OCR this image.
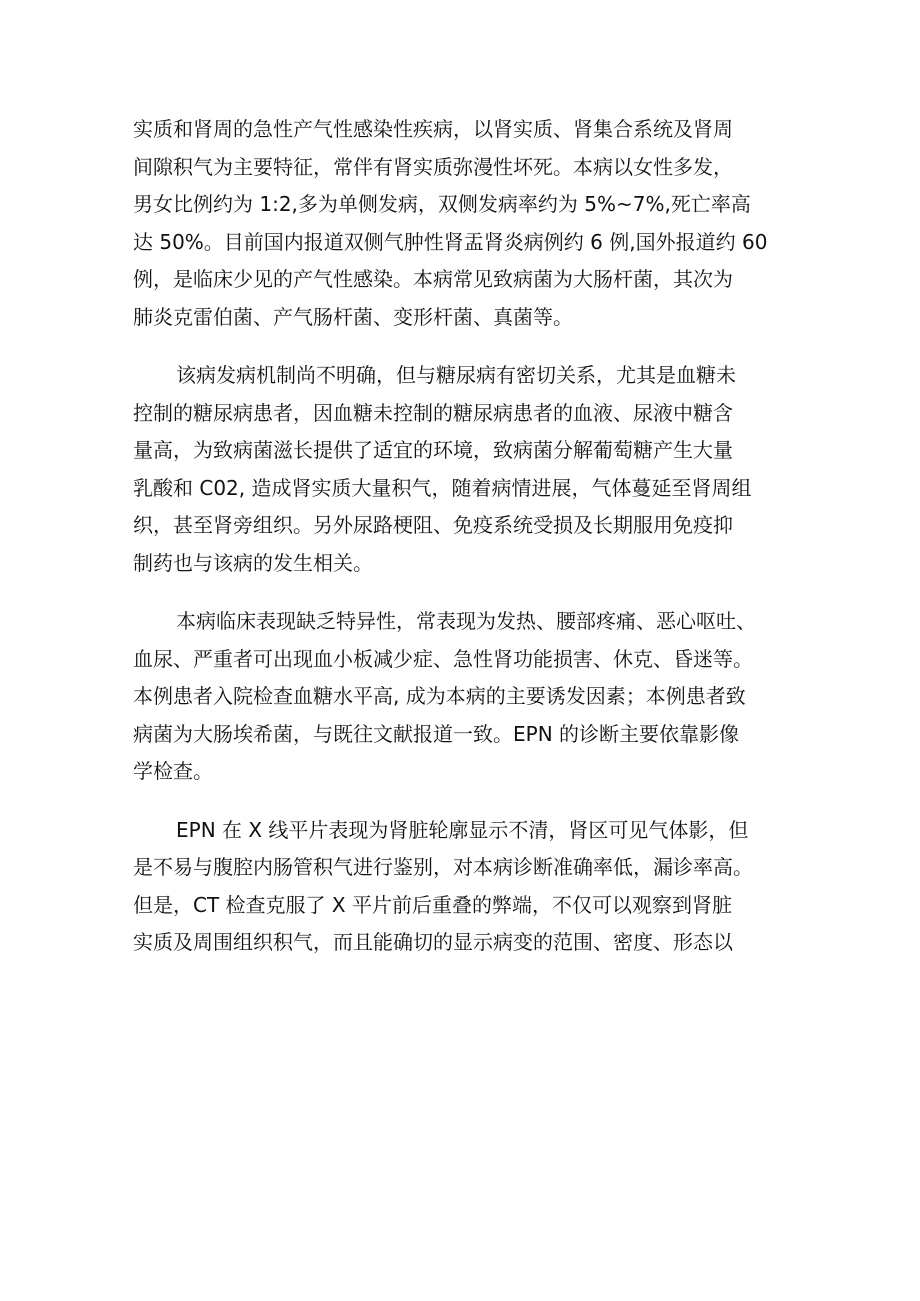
实质和肾周的急性产气性感染性疾病，以肾实质、肾集合系统及肾周
间隙积气为主要特征，常伴有肾实质弥漫性坏死。本病以女性多发，
男女比例约为 1:2,多为单侧发病，双侧发病率约为 5%~7%,死亡率高
达 50%。目前国内报道双侧气肿性肾盂肾炎病例约 6 例,国外报道约 60
例，是临床少见的产气性感染。本病常见致病菌为大肠杆菌，其次为
肺炎克雷伯菌、产气肠杆菌、变形杆菌、真菌等。

该病发病机制尚不明确，但与糖尿病有密切关系，尤其是血糖未
控制的糖尿病患者，因血糖未控制的糖尿病患者的血液、尿液中糖含
量高，为致病菌滋长提供了适宜的环境，致病菌分解葡萄糖产生大量
乳酸和 C02, 造成肾实质大量积气，随着病情进展，气体蔓延至肾周组
织，甚至肾旁组织。另外尿路梗阻、免疫系统受损及长期服用免疫抑
制药也与该病的发生相关。

本病临床表现缺乏特异性，常表现为发热、腰部疼痛、恶心呕吐、
血尿、严重者可出现血小板减少症、急性肾功能损害、休克、昏迷等。
本例患者入院检查血糖水平高, 成为本病的主要诱发因素；本例患者致
病菌为大肠埃希菌，与既往文献报道一致。EPN 的诊断主要依靠影像
学检查。

EPN 在 X 线平片表现为肾脏轮廓显示不清，肾区可见气体影，但
是不易与腹腔内肠管积气进行鉴别，对本病诊断准确率低，漏诊率高。
但是，CT 检查克服了 X 平片前后重叠的弊端，不仅可以观察到肾脏
实质及周围组织积气，而且能确切的显示病变的范围、密度、形态以
